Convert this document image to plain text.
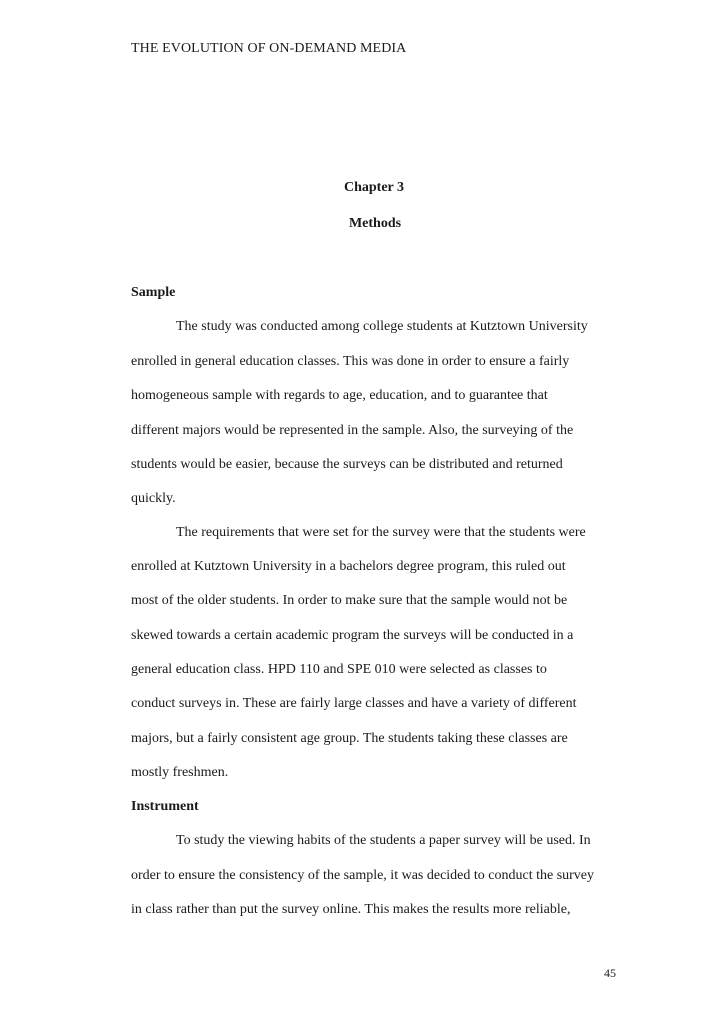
THE EVOLUTION OF ON-DEMAND MEDIA
Chapter 3
Methods
Sample
The study was conducted among college students at Kutztown University
enrolled in general education classes. This was done in order to ensure a fairly
homogeneous sample with regards to age, education, and to guarantee that
different majors would be represented in the sample. Also, the surveying of the
students would be easier, because the surveys can be distributed and returned
quickly.
The requirements that were set for the survey were that the students were
enrolled at Kutztown University in a bachelors degree program, this ruled out
most of the older students. In order to make sure that the sample would not be
skewed towards a certain academic program the surveys will be conducted in a
general education class. HPD 110 and SPE 010 were selected as classes to
conduct surveys in. These are fairly large classes and have a variety of different
majors, but a fairly consistent age group. The students taking these classes are
mostly freshmen.
Instrument
To study the viewing habits of the students a paper survey will be used. In
order to ensure the consistency of the sample, it was decided to conduct the survey
in class rather than put the survey online. This makes the results more reliable,
45
